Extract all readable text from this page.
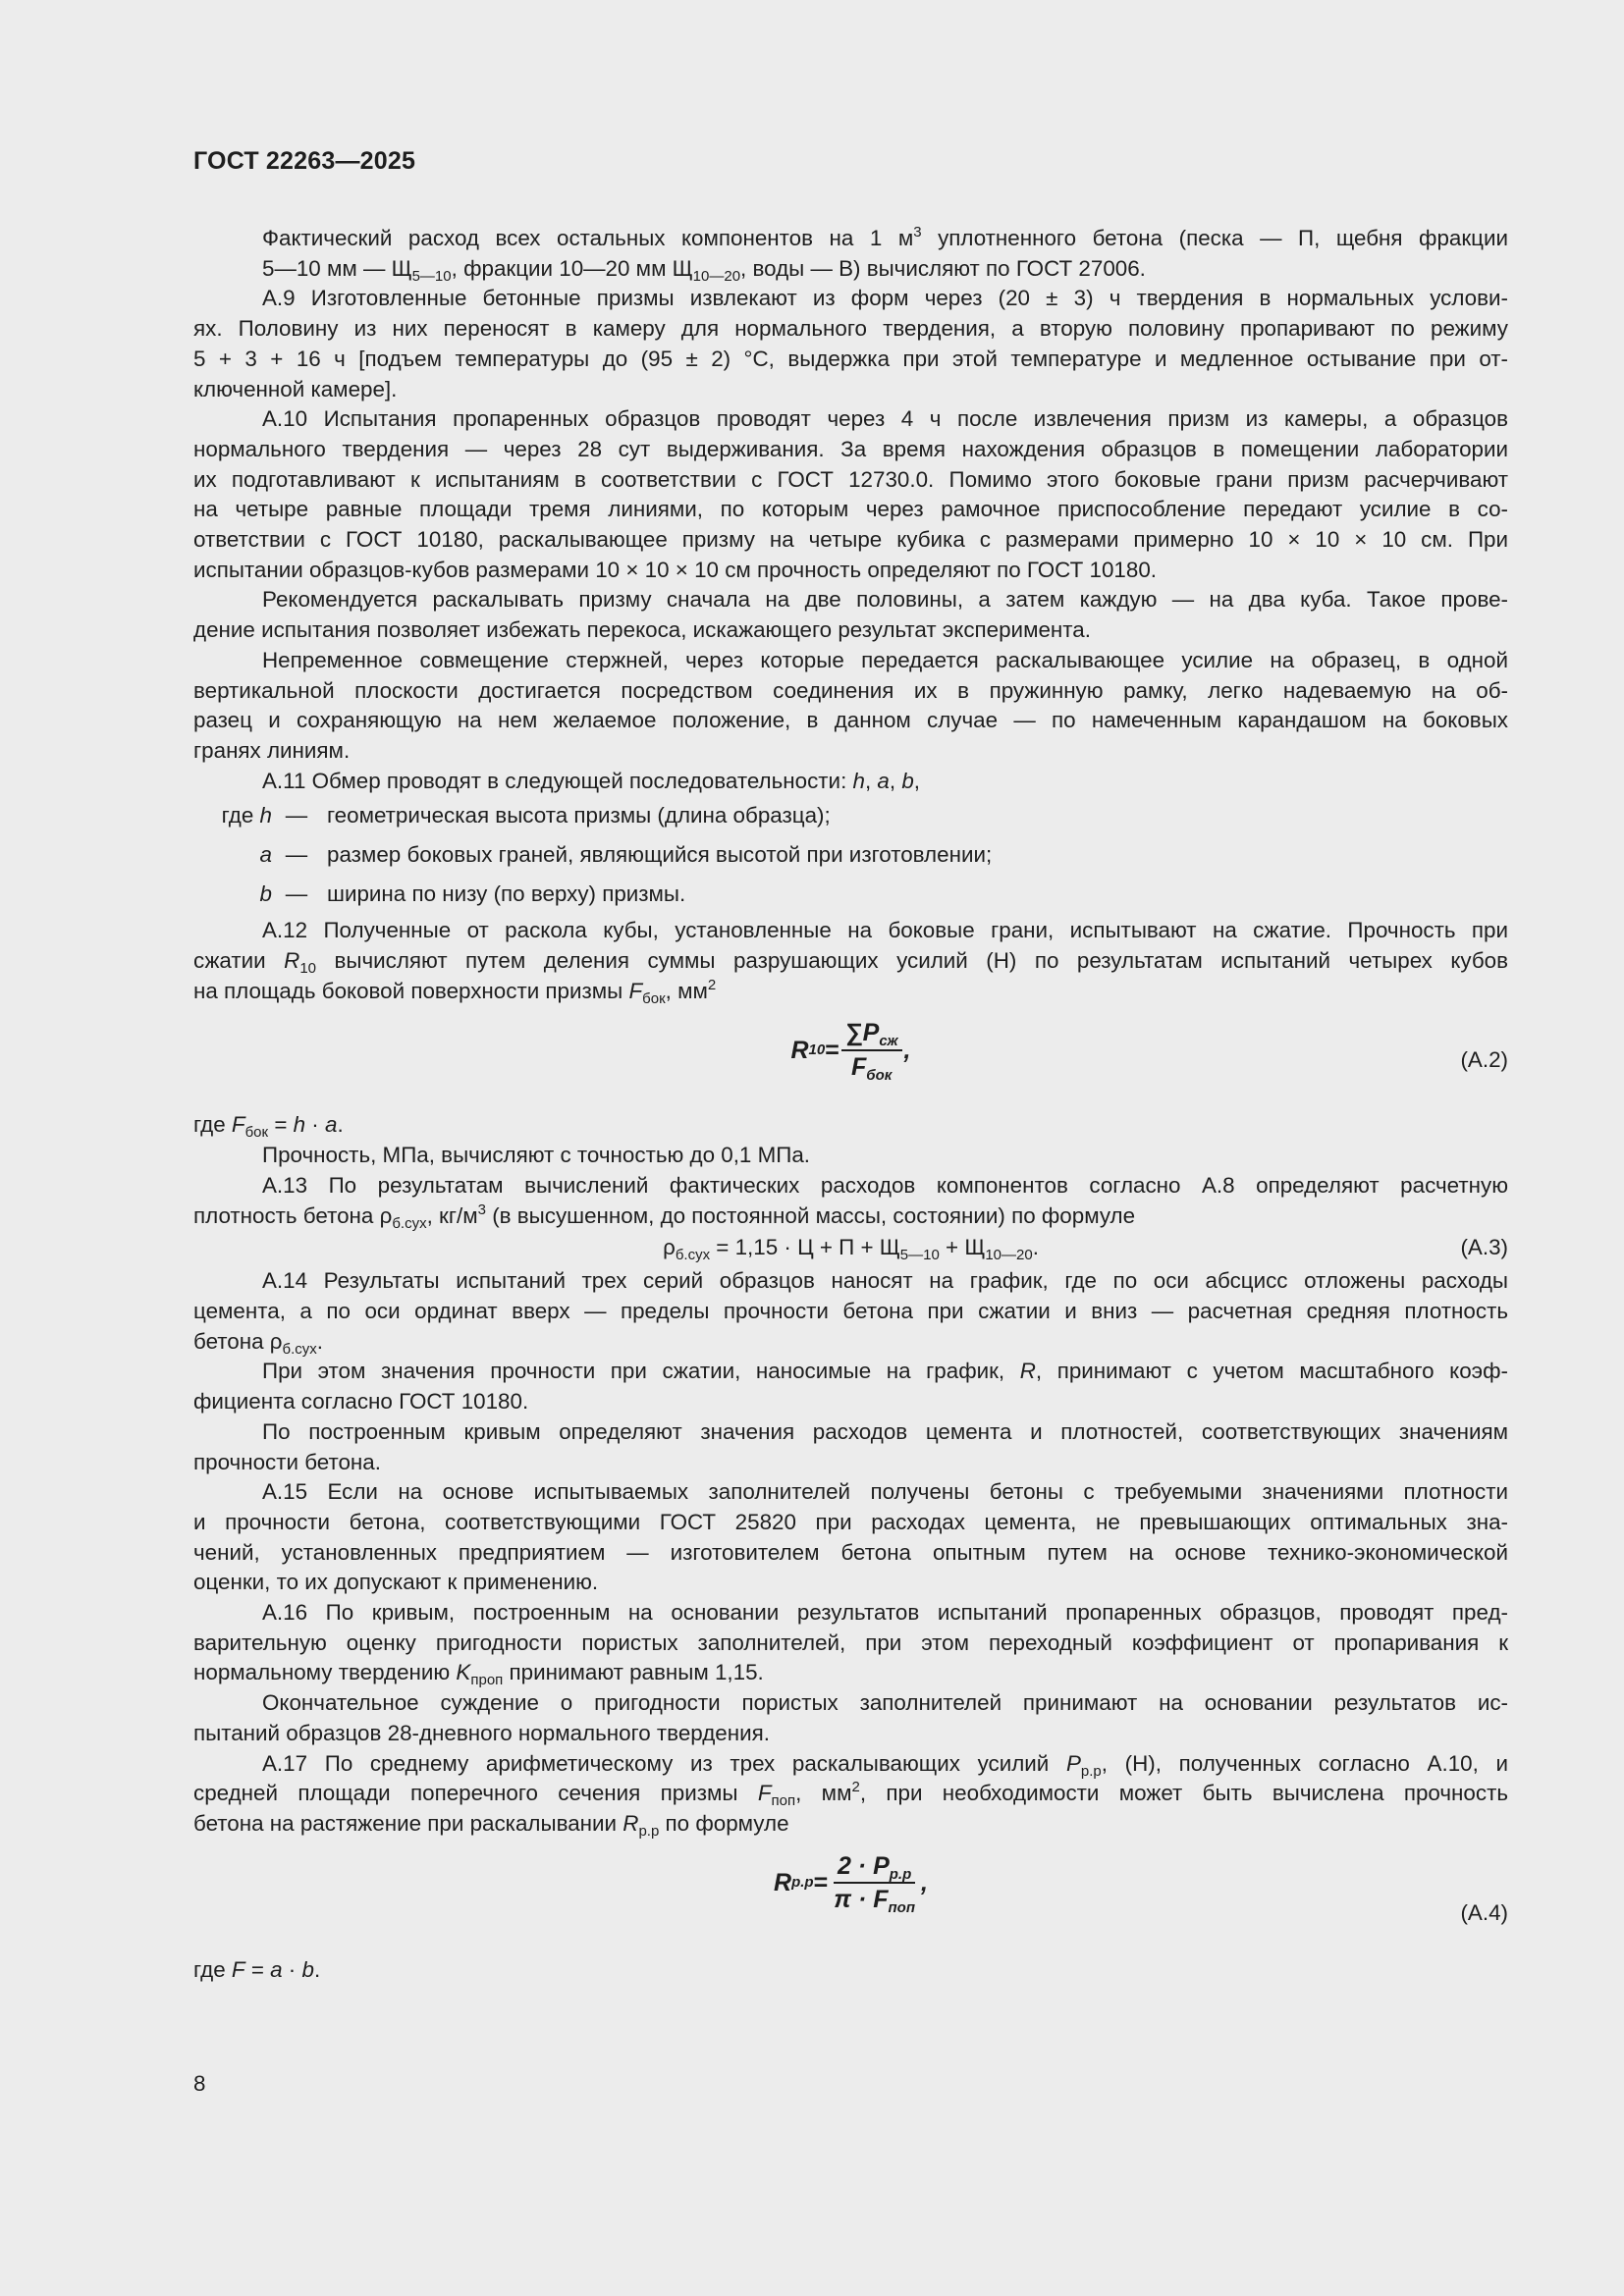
ГОСТ 22263—2025
Фактический расход всех остальных компонентов на 1 $м^3$ уплотненного бетона (песка — П, щебня фракции
5—10 мм — $Щ_{5—10}$, фракции 10—20 мм $Щ_{10—20}$, воды — В) вычисляют по ГОСТ 27006.
А.9 Изготовленные бетонные призмы извлекают из форм через (20 ± 3) ч твердения в нормальных услови-
ях. Половину из них переносят в камеру для нормального твердения, а вторую половину пропаривают по режиму
5 + 3 + 16 ч [подъем температуры до (95 ± 2) °С, выдержка при этой температуре и медленное остывание при от-
ключенной камере].
А.10 Испытания пропаренных образцов проводят через 4 ч после извлечения призм из камеры, а образцов
нормального твердения — через 28 сут выдерживания. За время нахождения образцов в помещении лаборатории
их подготавливают к испытаниям в соответствии с ГОСТ 12730.0. Помимо этого боковые грани призм расчерчивают
на четыре равные площади тремя линиями, по которым через рамочное приспособление передают усилие в со-
ответствии с ГОСТ 10180, раскалывающее призму на четыре кубика с размерами примерно 10 × 10 × 10 см. При
испытании образцов-кубов размерами 10 × 10 × 10 см прочность определяют по ГОСТ 10180.
Рекомендуется раскалывать призму сначала на две половины, а затем каждую — на два куба. Такое прове-
дение испытания позволяет избежать перекоса, искажающего результат эксперимента.
Непременное совмещение стержней, через которые передается раскалывающее усилие на образец, в одной
вертикальной плоскости достигается посредством соединения их в пружинную рамку, легко надеваемую на об-
разец и сохраняющую на нем желаемое положение, в данном случае — по намеченным карандашом на боковых
гранях линиям.
А.11 Обмер проводят в следующей последовательности: h, a, b,
где h — геометрическая высота призмы (длина образца);
a — размер боковых граней, являющийся высотой при изготовлении;
b — ширина по низу (по верху) призмы.
А.12 Полученные от раскола кубы, установленные на боковые грани, испытывают на сжатие. Прочность при
сжатии $R_{10}$ вычисляют путем деления суммы разрушающих усилий (Н) по результатам испытаний четырех кубов
на площадь боковой поверхности призмы $F_{бок}$, $мм^2$
R $10 = \frac{\sum P_{сж}}{F_{бок}}$ ,	(А.2)
где $F_{бок} = h \cdot a$.
Прочность, МПа, вычисляют с точностью до 0,1 МПа.
А.13 По результатам вычислений фактических расходов компонентов согласно А.8 определяют расчетную
плотность бетона $\rho_{б.сух}$, $кг/м^3$ (в высушенном, до постоянной массы, состоянии) по формуле
$\rho_{б.сух} = 1,15 \cdot Ц + П + Щ_{5—10} + Щ_{10—20}$.	(А.3)
А.14 Результаты испытаний трех серий образцов наносят на график, где по оси абсцисс отложены расходы
цемента, а по оси ординат вверх — пределы прочности бетона при сжатии и вниз — расчетная средняя плотность
бетона $\rho_{б.сух}$.
При этом значения прочности при сжатии, наносимые на график, R, принимают с учетом масштабного коэф-
фициента согласно ГОСТ 10180.
По построенным кривым определяют значения расходов цемента и плотностей, соответствующих значениям
прочности бетона.
А.15 Если на основе испытываемых заполнителей получены бетоны с требуемыми значениями плотности
и прочности бетона, соответствующими ГОСТ 25820 при расходах цемента, не превышающих оптимальных зна-
чений, установленных предприятием — изготовителем бетона опытным путем на основе технико-экономической
оценки, то их допускают к применению.
А.16 По кривым, построенным на основании результатов испытаний пропаренных образцов, проводят пред-
варительную оценку пригодности пористых заполнителей, при этом переходный коэффициент от пропаривания к
нормальному твердению $K_{проп}$ принимают равным 1,15.
Окончательное суждение о пригодности пористых заполнителей принимают на основании результатов ис-
пытаний образцов 28-дневного нормального твердения.
А.17 По среднему арифметическому из трех раскалывающих усилий $P_{р.р}$, (Н), полученных согласно А.10, и
средней площади поперечного сечения призмы $F_{поп}$, $мм^2$, при необходимости может быть вычислена прочность
бетона на растяжение при раскалывании $R_{р.р}$ по формуле
R $р.р = \frac{2 \cdot P_{р.р}}{\pi \cdot F_{поп}}$ ,
(А.4)
где F = a · b.
8
